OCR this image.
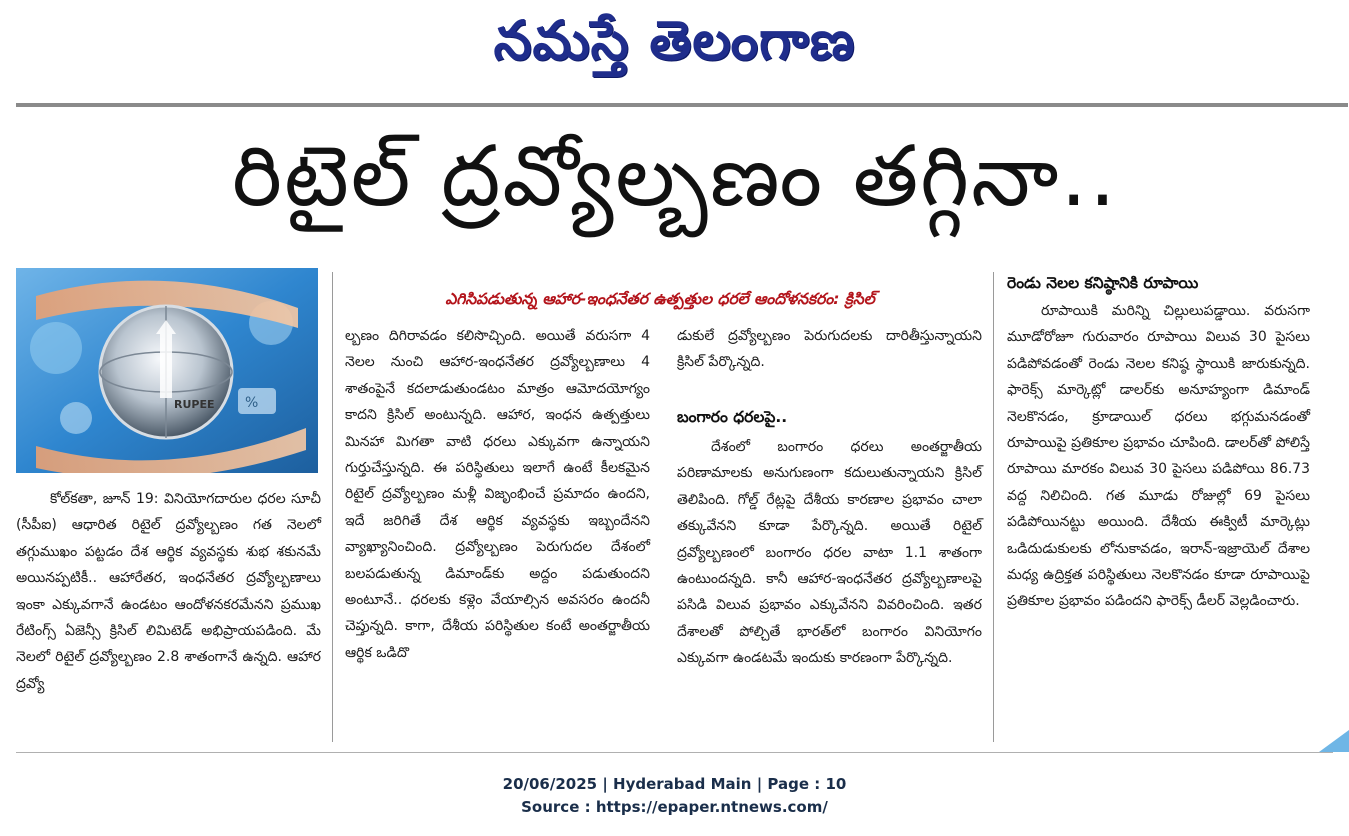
నమస్తే తెలంగాణ
రిటైల్ ద్రవ్యోల్బణం తగ్గినా..
%
RUPEE

కోల్‌కతా, జూన్ 19: వినియోగదారుల ధరల సూచీ (సీపీఐ) ఆధారిత రిటైల్ ద్రవ్యోల్బణం గత నెలలో తగ్గుముఖం పట్టడం దేశ ఆర్థిక వ్యవస్థకు శుభ శకునమే అయినప్పటికీ.. ఆహారేతర, ఇంధనేతర ద్రవ్యోల్బణాలు ఇంకా ఎక్కువగానే ఉండటం ఆందోళనకరమేనని ప్రముఖ రేటింగ్స్ ఏజెన్సీ క్రిసిల్ లిమిటెడ్ అభిప్రాయపడింది. మే నెలలో రిటైల్ ద్రవ్యోల్బణం 2.8 శాతంగానే ఉన్నది. ఆహార ద్రవ్యో

ఎగిసిపడుతున్న ఆహార-ఇంధనేతర ఉత్పత్తుల ధరలే ఆందోళనకరం: క్రిసిల్

ల్బణం దిగిరావడం కలిసొచ్చింది. అయితే వరుసగా 4 నెలల నుంచి ఆహార-ఇంధనేతర ద్రవ్యోల్బణాలు 4 శాతంపైనే కదలాడుతుండటం మాత్రం ఆమోదయోగ్యం కాదని క్రిసిల్ అంటున్నది. ఆహార, ఇంధన ఉత్పత్తులు మినహా మిగతా వాటి ధరలు ఎక్కువగా ఉన్నాయని గుర్తుచేస్తున్నది. ఈ పరిస్థితులు ఇలాగే ఉంటే కీలకమైన రిటైల్ ద్రవ్యోల్బణం మళ్లీ విజృంభించే ప్రమాదం ఉందని, ఇదే జరిగితే దేశ ఆర్థిక వ్యవస్థకు ఇబ్బందేనని వ్యాఖ్యానించింది. ద్రవ్యోల్బణం పెరుగుదల దేశంలో బలపడుతున్న డిమాండ్‌కు అద్దం పడుతుందని అంటూనే.. ధరలకు కళ్లెం వేయాల్సిన అవసరం ఉందనీ చెప్తున్నది. కాగా, దేశీయ పరిస్థితుల కంటే అంతర్జాతీయ ఆర్థిక ఒడిదొ

డుకులే ద్రవ్యోల్బణం పెరుగుదలకు దారితీస్తున్నాయని క్రిసిల్ పేర్కొన్నది.

బంగారం ధరలపై..

దేశంలో బంగారం ధరలు అంతర్జాతీయ పరిణామాలకు అనుగుణంగా కదులుతున్నాయని క్రిసిల్ తెలిపింది. గోల్డ్ రేట్లపై దేశీయ కారణాల ప్రభావం చాలా తక్కువేనని కూడా పేర్కొన్నది. అయితే రిటైల్ ద్రవ్యోల్బణంలో బంగారం ధరల వాటా 1.1 శాతంగా ఉంటుందన్నది. కానీ ఆహార-ఇంధనేతర ద్రవ్యోల్బణాలపై పసిడి విలువ ప్రభావం ఎక్కువేనని వివరించింది. ఇతర దేశాలతో పోల్చితే భారత్‌లో బంగారం వినియోగం ఎక్కువగా ఉండటమే ఇందుకు కారణంగా పేర్కొన్నది.

రెండు నెలల కనిష్ఠానికి రూపాయి

రూపాయికి మరిన్ని చిల్లులుపడ్డాయి. వరుసగా మూడోరోజూ గురువారం రూపాయి విలువ 30 పైసలు పడిపోవడంతో రెండు నెలల కనిష్ఠ స్థాయికి జారుకున్నది. ఫారెక్స్ మార్కెట్లో డాలర్‌కు అనూహ్యంగా డిమాండ్ నెలకొనడం, క్రూడాయిల్ ధరలు భగ్గుమనడంతో రూపాయిపై ప్రతికూల ప్రభావం చూపింది. డాలర్‌తో పోలిస్తే రూపాయి మారకం విలువ 30 పైసలు పడిపోయి 86.73 వద్ద నిలిచింది. గత మూడు రోజుల్లో 69 పైసలు పడిపోయినట్టు అయింది. దేశీయ ఈక్విటీ మార్కెట్లు ఒడిదుడుకులకు లోనుకావడం, ఇరాన్-ఇజ్రాయెల్ దేశాల మధ్య ఉద్రిక్తత పరిస్థితులు నెలకొనడం కూడా రూపాయిపై ప్రతికూల ప్రభావం పడిందని ఫారెక్స్ డీలర్ వెల్లడించారు.

20/06/2025 | Hyderabad Main | Page : 10
Source : https://epaper.ntnews.com/
